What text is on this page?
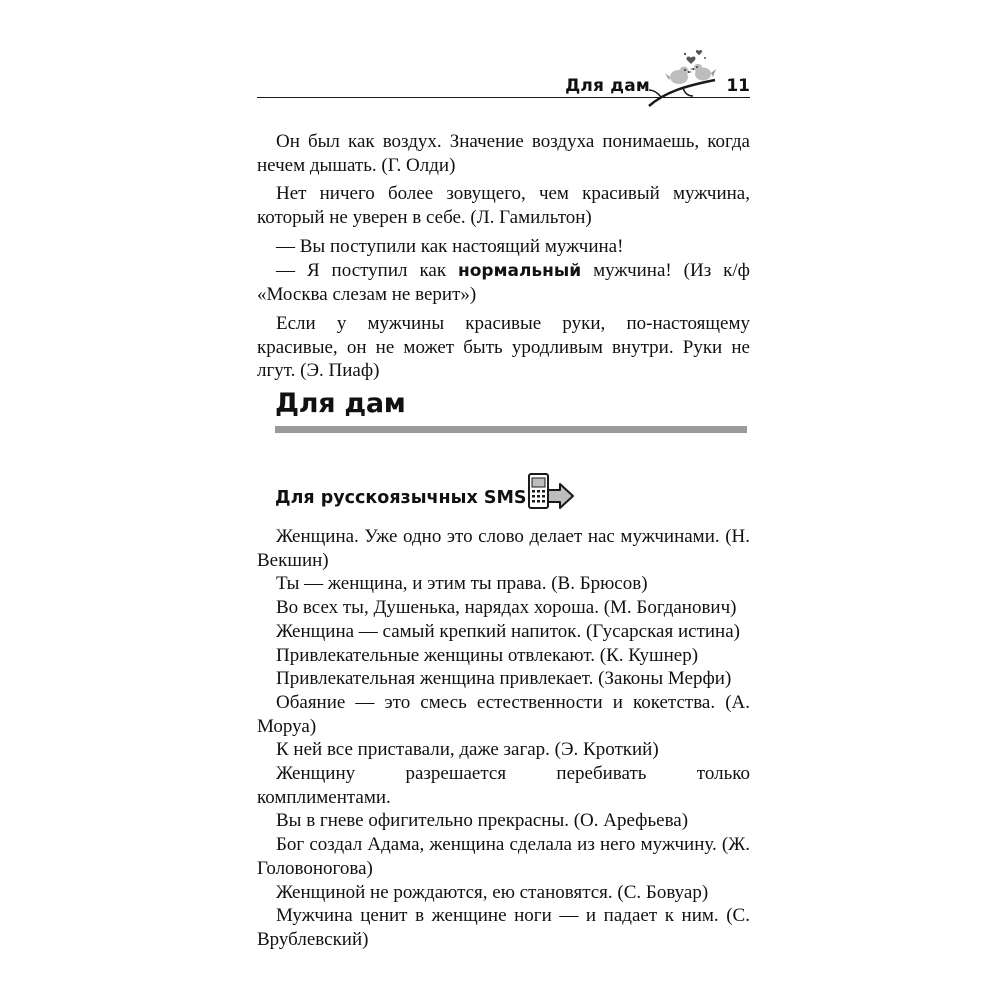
Для дам	11

Он был как воздух. Значение воздуха понимаешь, когда нечем дышать. (Г. Олди)

Нет ничего более зовущего, чем красивый мужчина, который не уверен в себе. (Л. Гамильтон)

— Вы поступили как настоящий мужчина!

— Я поступил как нормальный мужчина! (Из к/ф «Москва слезам не верит»)

Если у мужчины красивые руки, по-настоящему красивые, он не может быть уродливым внутри. Руки не лгут. (Э. Пиаф)

Для дам
Для русскоязычных SMS

Женщина. Уже одно это слово делает нас мужчинами. (Н. Векшин)

Ты — женщина, и этим ты права. (В. Брюсов)

Во всех ты, Душенька, нарядах хороша. (М. Богданович)

Женщина — самый крепкий напиток. (Гусарская истина)

Привлекательные женщины отвлекают. (К. Кушнер)

Привлекательная женщина привлекает. (Законы Мерфи)

Обаяние — это смесь естественности и кокетства. (А. Моруа)

К ней все приставали, даже загар. (Э. Кроткий)

Женщину разрешается перебивать только комплиментами.

Вы в гневе офигительно прекрасны. (О. Арефьева)

Бог создал Адама, женщина сделала из него мужчину. (Ж. Головоногова)

Женщиной не рождаются, ею становятся. (С. Бовуар)

Мужчина ценит в женщине ноги — и падает к ним. (С. Врублевский)
